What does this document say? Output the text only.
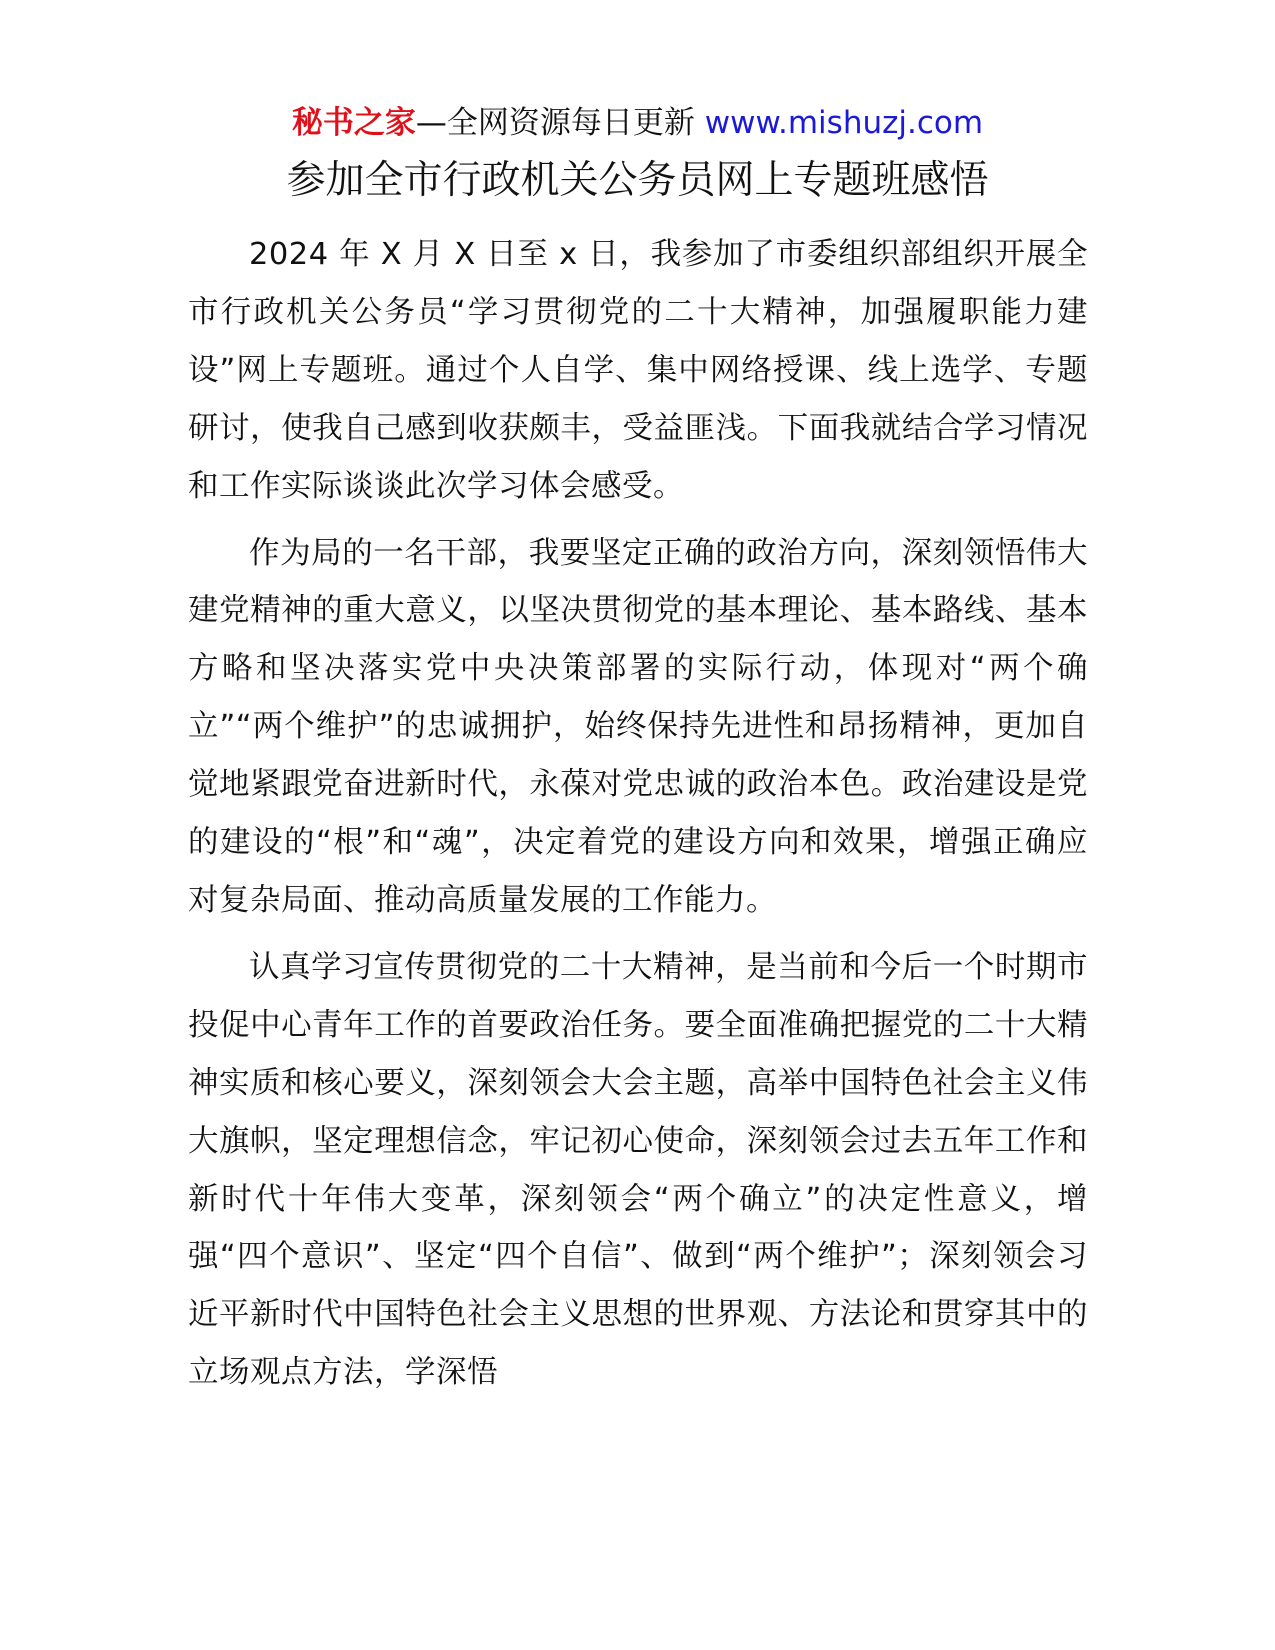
秘书之家—全网资源每日更新 www.mishuzj.com
参加全市行政机关公务员网上专题班感悟

2024 年 X 月 X 日至 x 日，我参加了市委组织部组织开展全市行政机关公务员“学习贯彻党的二十大精神，加强履职能力建设”网上专题班。通过个人自学、集中网络授课、线上选学、专题研讨，使我自己感到收获颇丰，受益匪浅。下面我就结合学习情况和工作实际谈谈此次学习体会感受。

作为局的一名干部，我要坚定正确的政治方向，深刻领悟伟大建党精神的重大意义，以坚决贯彻党的基本理论、基本路线、基本方略和坚决落实党中央决策部署的实际行动，体现对“两个确立”“两个维护”的忠诚拥护，始终保持先进性和昂扬精神，更加自觉地紧跟党奋进新时代，永葆对党忠诚的政治本色。政治建设是党的建设的“根”和“魂”，决定着党的建设方向和效果，增强正确应对复杂局面、推动高质量发展的工作能力。

认真学习宣传贯彻党的二十大精神，是当前和今后一个时期市投促中心青年工作的首要政治任务。要全面准确把握党的二十大精神实质和核心要义，深刻领会大会主题，高举中国特色社会主义伟大旗帜，坚定理想信念，牢记初心使命，深刻领会过去五年工作和新时代十年伟大变革，深刻领会“两个确立”的决定性意义，增强“四个意识”、坚定“四个自信”、做到“两个维护”；深刻领会习近平新时代中国特色社会主义思想的世界观、方法论和贯穿其中的立场观点方法，学深悟
